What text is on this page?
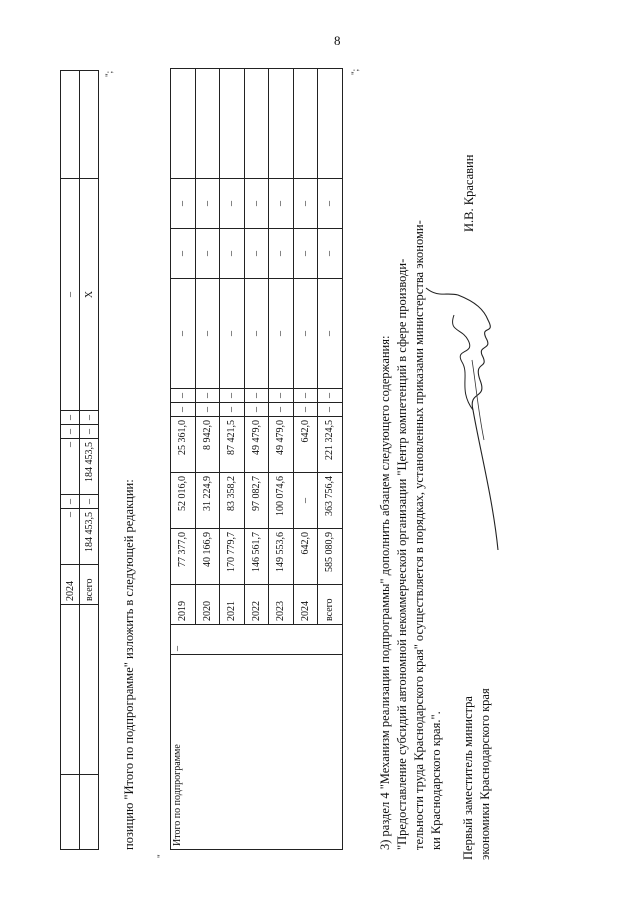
8
		2024	–	–	–	–	–	–	
		всего	184 453,5	–	184 453,5	–	–	Х	
";
позицию "Итого по подпрограмме" изложить в следующей редакции:
"
Итого по подпрограмме	–	2019	77 377,0	52 016,0	25 361,0	–	–	–	–	–	
		2020	40 166,9	31 224,9	8 942,0	–	–	–	–	–	
		2021	170 779,7	83 358,2	87 421,5	–	–	–	–	–	
		2022	146 561,7	97 082,7	49 479,0	–	–	–	–	–	
		2023	149 553,6	100 074,6	49 479,0	–	–	–	–	–	
		2024	642,0	–	642,0	–	–	–	–	–	
		всего	585 080,9	363 756,4	221 324,5	–	–	–	–	–	
";
3) раздел 4 "Механизм реализации подпрограммы" дополнить абзацем следующего содержания: "Предоставление субсидий автономной некоммерческой организации "Центр компетенций в сфере производи- тельности труда Краснодарского края" осуществляется в порядках, установленных приказами министерства экономи- ки Краснодарского края.". Первый заместитель министра экономики Краснодарского края
И.В. Красавин
